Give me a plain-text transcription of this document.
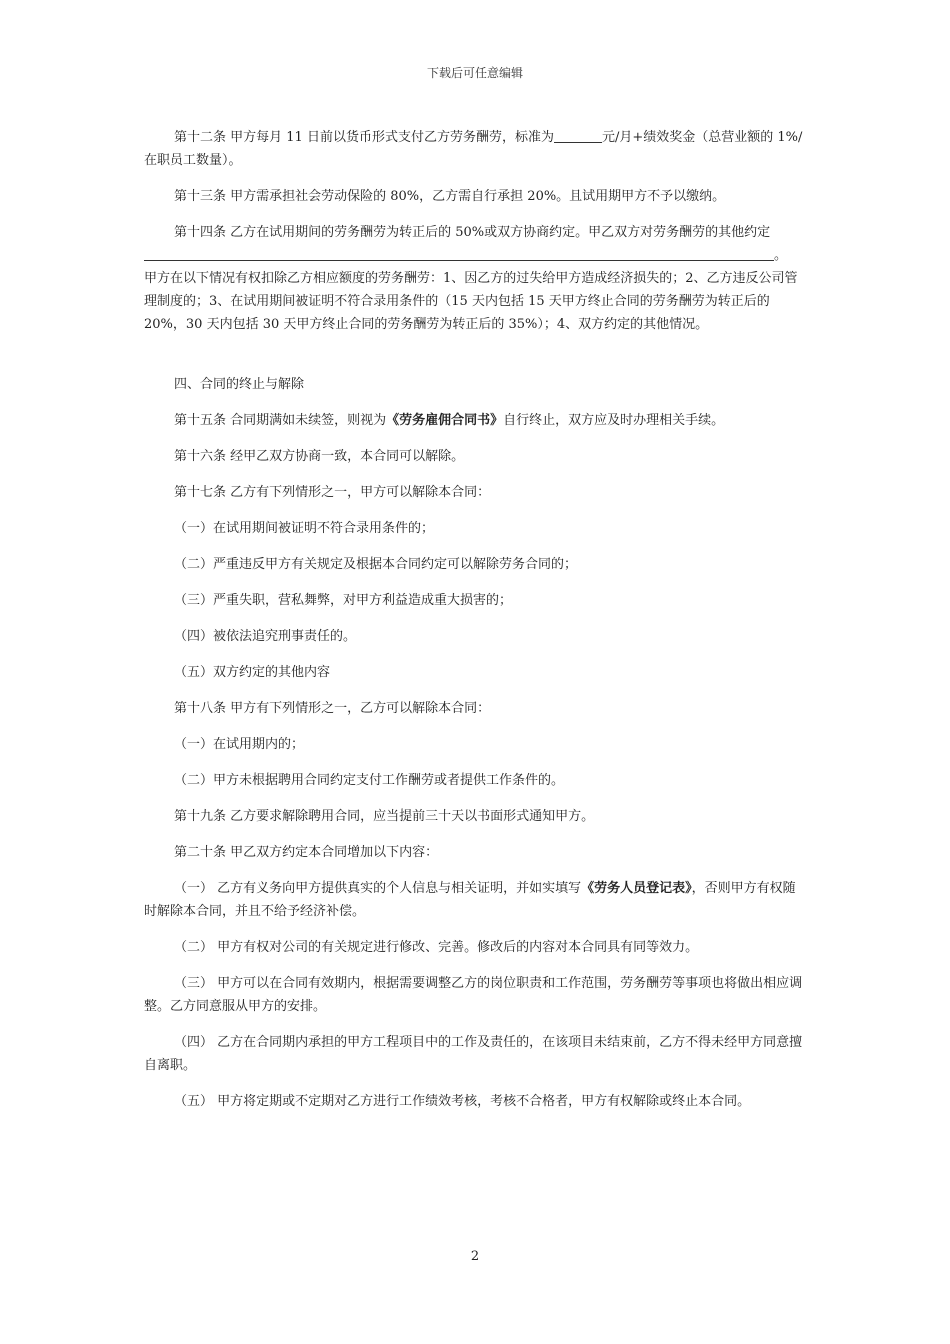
下载后可任意编辑

第十二条 甲方每月 11 日前以货币形式支付乙方劳务酬劳，标准为	元/月+绩效奖金（总营业额的 1%/在职员工数量）。

第十三条 甲方需承担社会劳动保险的 80%，乙方需自行承担 20%。且试用期甲方不予以缴纳。

第十四条 乙方在试用期间的劳务酬劳为转正后的 50%或双方协商约定。甲乙双方对劳务酬劳的其他约定。

甲方在以下情况有权扣除乙方相应额度的劳务酬劳：1、因乙方的过失给甲方造成经济损失的；2、乙方违反公司管理制度的；3、在试用期间被证明不符合录用条件的（15 天内包括 15 天甲方终止合同的劳务酬劳为转正后的 20%，30 天内包括 30 天甲方终止合同的劳务酬劳为转正后的 35%）；4、双方约定的其他情况。

四、合同的终止与解除

第十五条 合同期满如未续签，则视为《劳务雇佣合同书》自行终止，双方应及时办理相关手续。

第十六条 经甲乙双方协商一致，本合同可以解除。

第十七条 乙方有下列情形之一，甲方可以解除本合同：

（一）在试用期间被证明不符合录用条件的；

（二）严重违反甲方有关规定及根据本合同约定可以解除劳务合同的；

（三）严重失职，营私舞弊，对甲方利益造成重大损害的；

（四）被依法追究刑事责任的。

（五）双方约定的其他内容

第十八条 甲方有下列情形之一，乙方可以解除本合同：

（一）在试用期内的；

（二）甲方未根据聘用合同约定支付工作酬劳或者提供工作条件的。

第十九条 乙方要求解除聘用合同，应当提前三十天以书面形式通知甲方。

第二十条 甲乙双方约定本合同增加以下内容：

（一） 乙方有义务向甲方提供真实的个人信息与相关证明，并如实填写《劳务人员登记表》，否则甲方有权随时解除本合同，并且不给予经济补偿。

（二） 甲方有权对公司的有关规定进行修改、完善。修改后的内容对本合同具有同等效力。

（三） 甲方可以在合同有效期内，根据需要调整乙方的岗位职责和工作范围，劳务酬劳等事项也将做出相应调整。乙方同意服从甲方的安排。

（四） 乙方在合同期内承担的甲方工程项目中的工作及责任的，在该项目未结束前，乙方不得未经甲方同意擅自离职。

（五） 甲方将定期或不定期对乙方进行工作绩效考核，考核不合格者，甲方有权解除或终止本合同。

2
